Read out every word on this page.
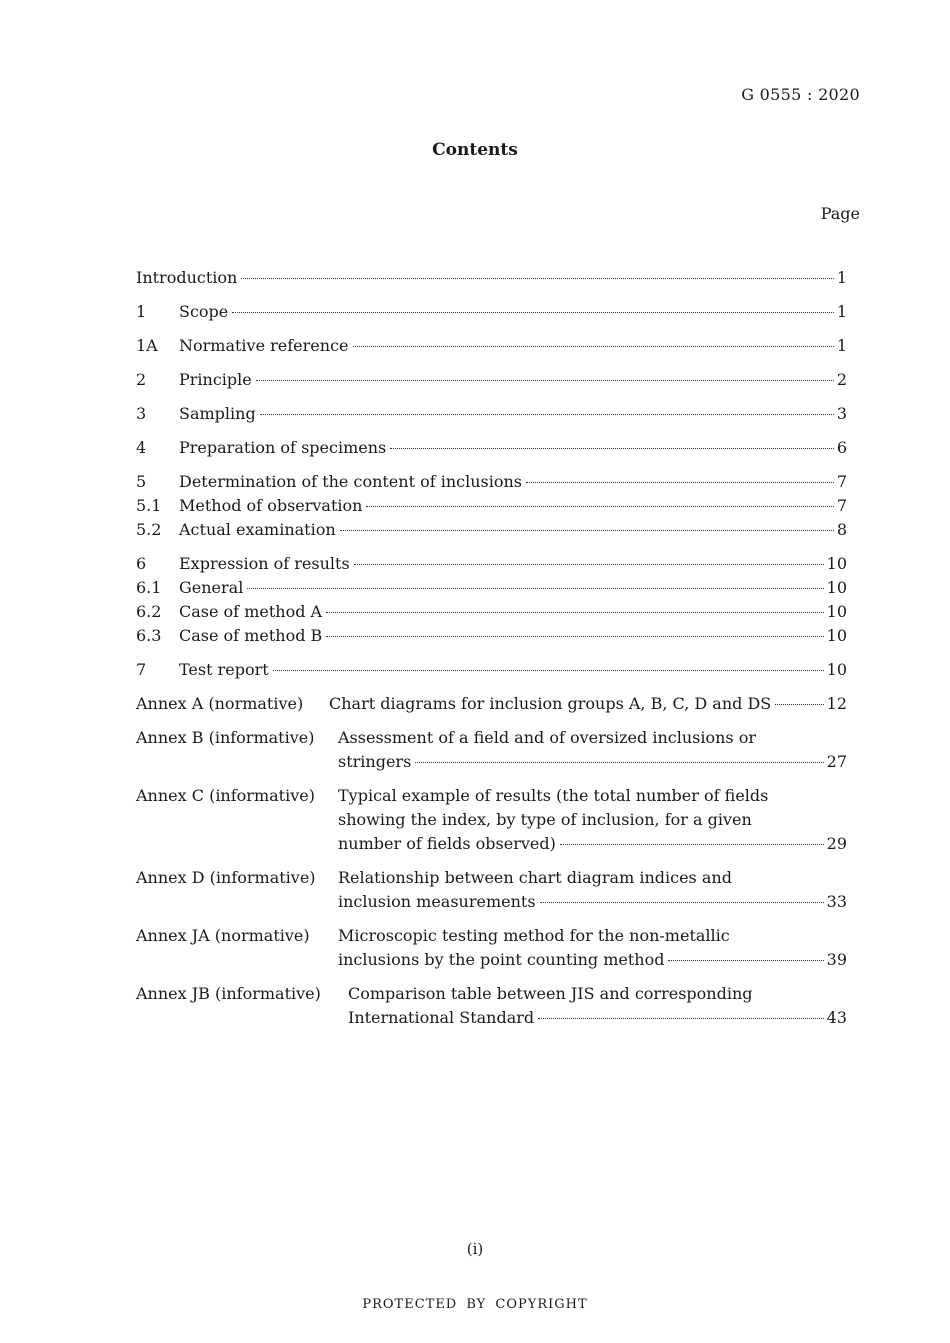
G 0555 : 2020
Contents
Page
Introduction	1
1	Scope	1
1A	Normative reference	1
2	Principle	2
3	Sampling	3
4	Preparation of specimens	6
5	Determination of the content of inclusions	7
5.1	Method of observation	7
5.2	Actual examination	8
6	Expression of results	10
6.1	General	10
6.2	Case of method A	10
6.3	Case of method B	10
7	Test report	10
Annex A (normative)	Chart diagrams for inclusion groups A, B, C, D and DS	12
Annex B (informative)	Assessment of a field and of oversized inclusions or
stringers	27
Annex C (informative)	Typical example of results (the total number of fields
showing the index, by type of inclusion, for a given
number of fields observed)	29
Annex D (informative)	Relationship between chart diagram indices and
inclusion measurements	33
Annex JA (normative)	Microscopic testing method for the non-metallic
inclusions by the point counting method	39
Annex JB (informative)	Comparison table between JIS and corresponding
International Standard	43
(i)
PROTECTED BY COPYRIGHT
